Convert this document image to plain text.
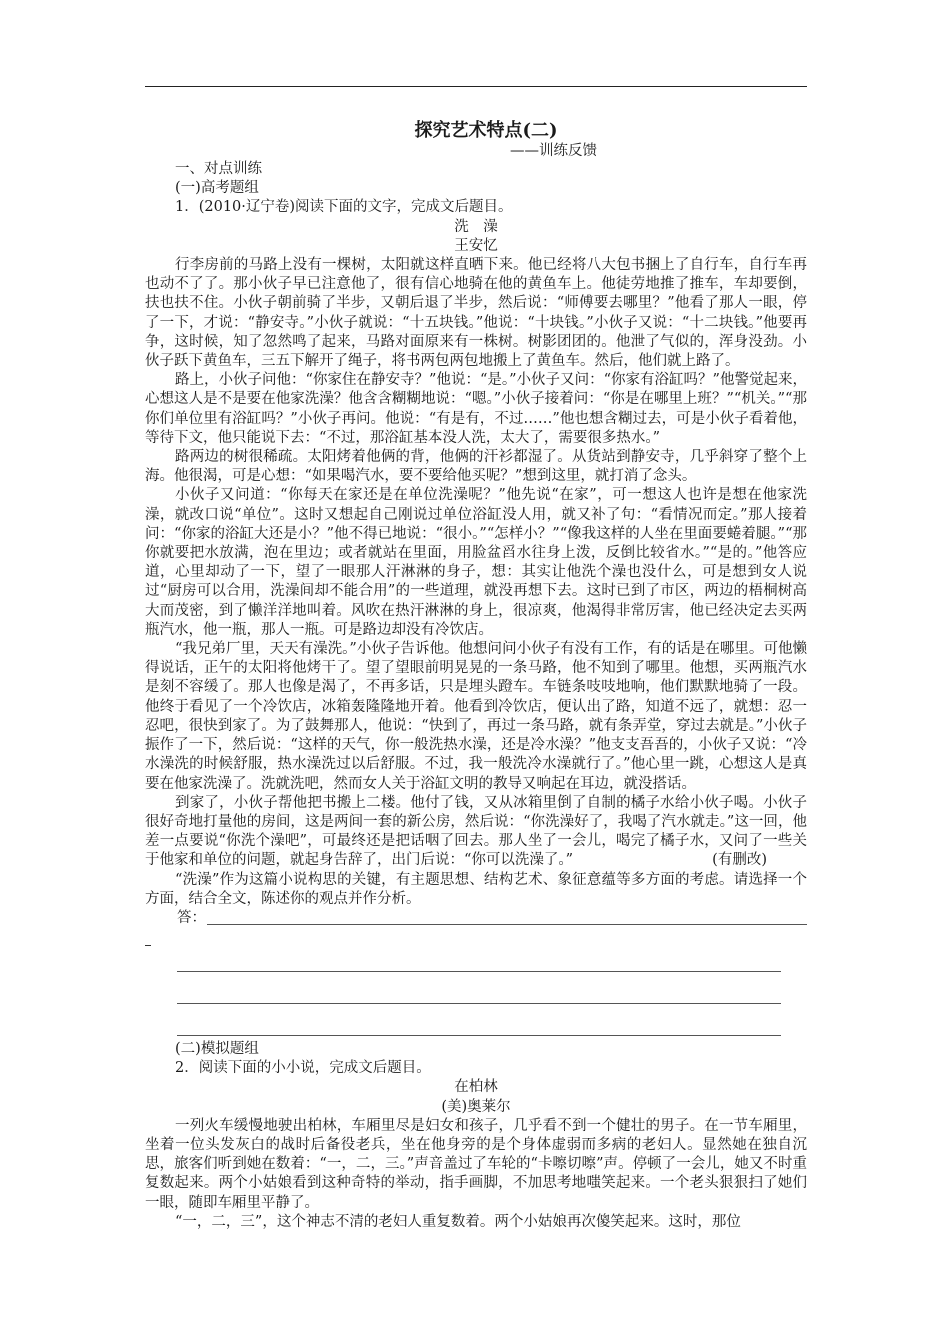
探究艺术特点(二)

——训练反馈

一、对点训练

(一)高考题组

1．(2010·辽宁卷)阅读下面的文字，完成文后题目。

洗　澡

王安忆

行李房前的马路上没有一棵树，太阳就这样直晒下来。他已经将八大包书捆上了自行车，自行车再也动不了了。那小伙子早已注意他了，很有信心地骑在他的黄鱼车上。他徒劳地推了推车，车却要倒，扶也扶不住。小伙子朝前骑了半步，又朝后退了半步，然后说：“师傅要去哪里？”他看了那人一眼，停了一下，才说：“静安寺。”小伙子就说：“十五块钱。”他说：“十块钱。”小伙子又说：“十二块钱。”他要再争，这时候，知了忽然鸣了起来，马路对面原来有一株树。树影团团的。他泄了气似的，浑身没劲。小伙子跃下黄鱼车，三五下解开了绳子，将书两包两包地搬上了黄鱼车。然后，他们就上路了。

路上，小伙子问他：“你家住在静安寺？”他说：“是。”小伙子又问：“你家有浴缸吗？”他警觉起来，心想这人是不是要在他家洗澡？他含含糊糊地说：“嗯。”小伙子接着问：“你是在哪里上班？”“机关。”“那你们单位里有浴缸吗？”小伙子再问。他说：“有是有，不过……”他也想含糊过去，可是小伙子看着他，等待下文，他只能说下去：“不过，那浴缸基本没人洗，太大了，需要很多热水。”

路两边的树很稀疏。太阳烤着他俩的背，他俩的汗衫都湿了。从货站到静安寺，几乎斜穿了整个上海。他很渴，可是心想：“如果喝汽水，要不要给他买呢？”想到这里，就打消了念头。

小伙子又问道：“你每天在家还是在单位洗澡呢？”他先说“在家”，可一想这人也许是想在他家洗澡，就改口说“单位”。这时又想起自己刚说过单位浴缸没人用，就又补了句：“看情况而定。”那人接着问：“你家的浴缸大还是小？”他不得已地说：“很小。”“怎样小？”“像我这样的人坐在里面要蜷着腿。”“那你就要把水放满，泡在里边；或者就站在里面，用脸盆舀水往身上泼，反倒比较省水。”“是的。”他答应道，心里却动了一下，望了一眼那人汗淋淋的身子，想：其实让他洗个澡也没什么，可是想到女人说过“厨房可以合用，洗澡间却不能合用”的一些道理，就没再想下去。这时已到了市区，两边的梧桐树高大而茂密，到了懒洋洋地叫着。风吹在热汗淋淋的身上，很凉爽，他渴得非常厉害，他已经决定去买两瓶汽水，他一瓶，那人一瓶。可是路边却没有冷饮店。

“我兄弟厂里，天天有澡洗。”小伙子告诉他。他想问问小伙子有没有工作，有的话是在哪里。可他懒得说话，正午的太阳将他烤干了。望了望眼前明晃晃的一条马路，他不知到了哪里。他想，买两瓶汽水是刻不容缓了。那人也像是渴了，不再多话，只是埋头蹬车。车链条吱吱地响，他们默默地骑了一段。他终于看见了一个冷饮店，冰箱轰隆隆地开着。他看到冷饮店，便认出了路，知道不远了，就想：忍一忍吧，很快到家了。为了鼓舞那人，他说：“快到了，再过一条马路，就有条弄堂，穿过去就是。”小伙子振作了一下，然后说：“这样的天气，你一般洗热水澡，还是冷水澡？”他支支吾吾的，小伙子又说：“冷水澡洗的时候舒服，热水澡洗过以后舒服。不过，我一般洗冷水澡就行了。”他心里一跳，心想这人是真要在他家洗澡了。洗就洗吧，然而女人关于浴缸文明的教导又响起在耳边，就没搭话。

到家了，小伙子帮他把书搬上二楼。他付了钱，又从冰箱里倒了自制的橘子水给小伙子喝。小伙子很好奇地打量他的房间，这是两间一套的新公房，然后说：“你洗澡好了，我喝了汽水就走。”这一回，他差一点要说“你洗个澡吧”，可最终还是把话咽了回去。那人坐了一会儿，喝完了橘子水，又问了一些关于他家和单位的问题，就起身告辞了，出门后说：“你可以洗澡了。”	(有删改)

“洗澡”作为这篇小说构思的关键，有主题思想、结构艺术、象征意蕴等多方面的考虑。请选择一个方面，结合全文，陈述你的观点并作分析。

答：

(二)模拟题组

2．阅读下面的小小说，完成文后题目。

在柏林

(美)奥莱尔

一列火车缓慢地驶出柏林，车厢里尽是妇女和孩子，几乎看不到一个健壮的男子。在一节车厢里，坐着一位头发灰白的战时后备役老兵，坐在他身旁的是个身体虚弱而多病的老妇人。显然她在独自沉思，旅客们听到她在数着：“一，二，三。”声音盖过了车轮的“卡嚓切嚓”声。停顿了一会儿，她又不时重复数起来。两个小姑娘看到这种奇特的举动，指手画脚，不加思考地嗤笑起来。一个老头狠狠扫了她们一眼，随即车厢里平静了。

“一，二，三”，这个神志不清的老妇人重复数着。两个小姑娘再次傻笑起来。这时，那位
